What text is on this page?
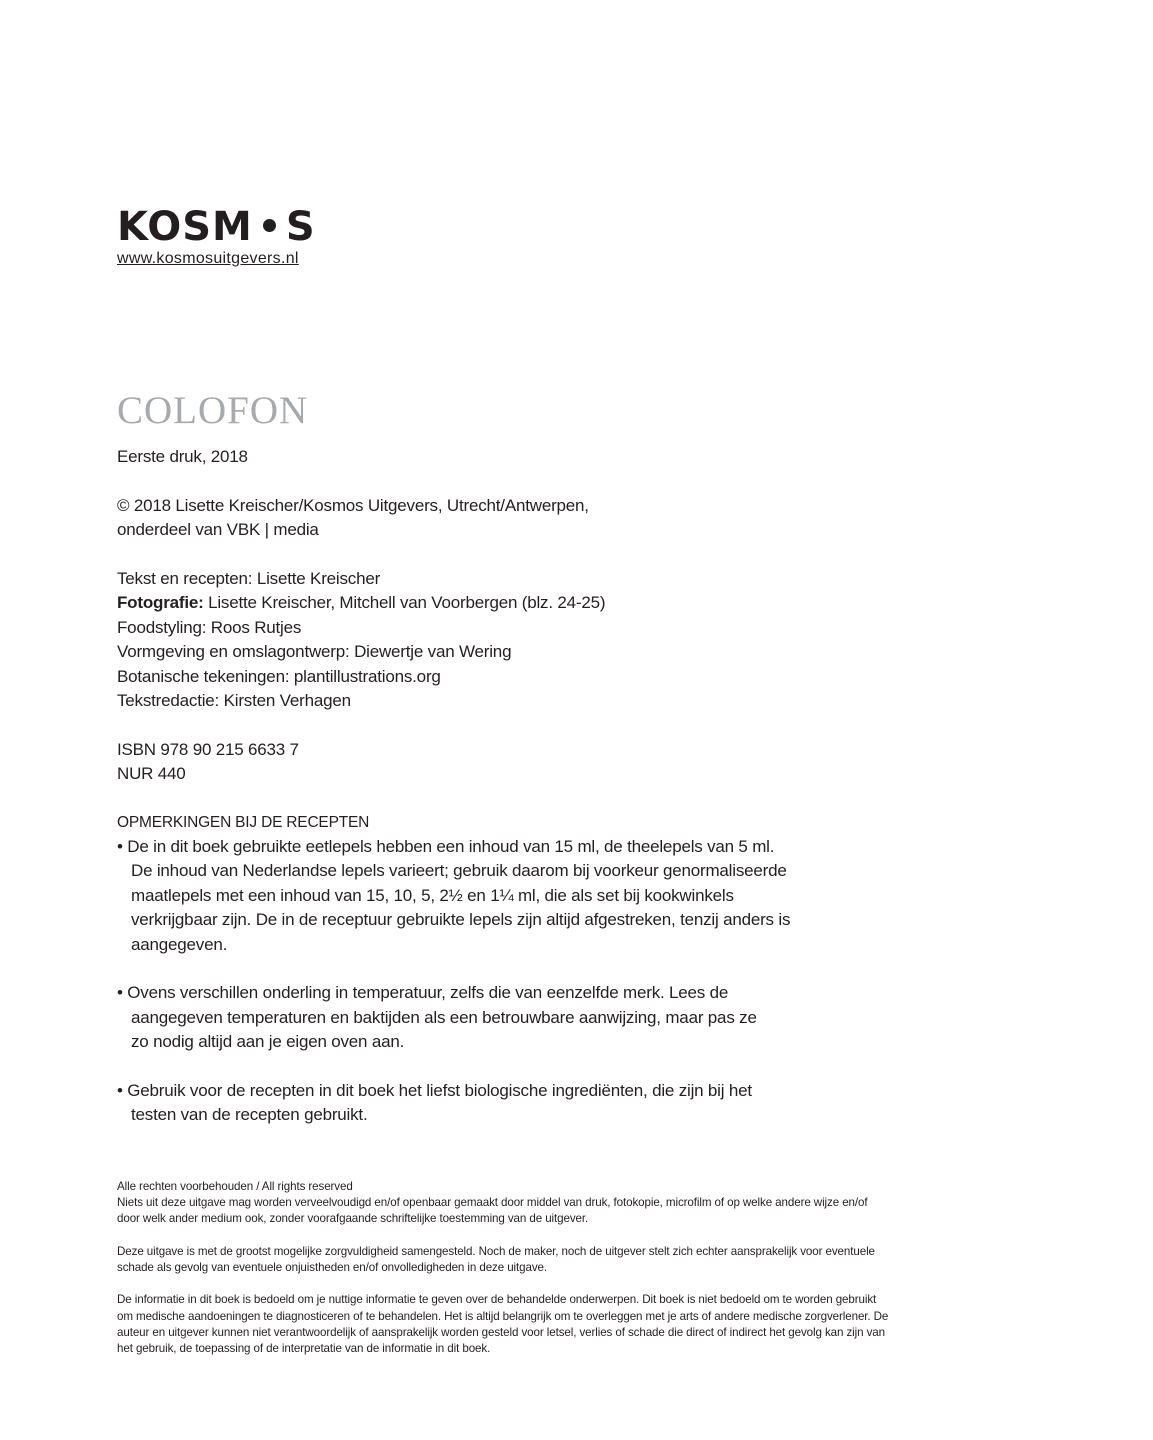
KOSM S
www.kosmosuitgevers.nl
COLOFON
Eerste druk, 2018
© 2018 Lisette Kreischer/Kosmos Uitgevers, Utrecht/Antwerpen,
onderdeel van VBK | media
Tekst en recepten: Lisette Kreischer
Fotografie: Lisette Kreischer, Mitchell van Voorbergen (blz. 24-25)
Foodstyling: Roos Rutjes
Vormgeving en omslagontwerp: Diewertje van Wering
Botanische tekeningen: plantillustrations.org
Tekstredactie: Kirsten Verhagen
ISBN 978 90 215 6633 7
NUR 440
OPMERKINGEN BIJ DE RECEPTEN
• De in dit boek gebruikte eetlepels hebben een inhoud van 15 ml, de theelepels van 5 ml.
De inhoud van Nederlandse lepels varieert; gebruik daarom bij voorkeur genormaliseerde
maatlepels met een inhoud van 15, 10, 5, 2½ en 1¼ ml, die als set bij kookwinkels
verkrijgbaar zijn. De in de receptuur gebruikte lepels zijn altijd afgestreken, tenzij anders is
aangegeven.
• Ovens verschillen onderling in temperatuur, zelfs die van eenzelfde merk. Lees de
aangegeven temperaturen en baktijden als een betrouwbare aanwijzing, maar pas ze
zo nodig altijd aan je eigen oven aan.
• Gebruik voor de recepten in dit boek het liefst biologische ingrediënten, die zijn bij het
testen van de recepten gebruikt.
Alle rechten voorbehouden / All rights reserved
Niets uit deze uitgave mag worden verveelvoudigd en/of openbaar gemaakt door middel van druk, fotokopie, microfilm of op welke andere wijze en/of
door welk ander medium ook, zonder voorafgaande schriftelijke toestemming van de uitgever.
Deze uitgave is met de grootst mogelijke zorgvuldigheid samengesteld. Noch de maker, noch de uitgever stelt zich echter aansprakelijk voor eventuele
schade als gevolg van eventuele onjuistheden en/of onvolledigheden in deze uitgave.
De informatie in dit boek is bedoeld om je nuttige informatie te geven over de behandelde onderwerpen. Dit boek is niet bedoeld om te worden gebruikt
om medische aandoeningen te diagnosticeren of te behandelen. Het is altijd belangrijk om te overleggen met je arts of andere medische zorgverlener. De
auteur en uitgever kunnen niet verantwoordelijk of aansprakelijk worden gesteld voor letsel, verlies of schade die direct of indirect het gevolg kan zijn van
het gebruik, de toepassing of de interpretatie van de informatie in dit boek.
